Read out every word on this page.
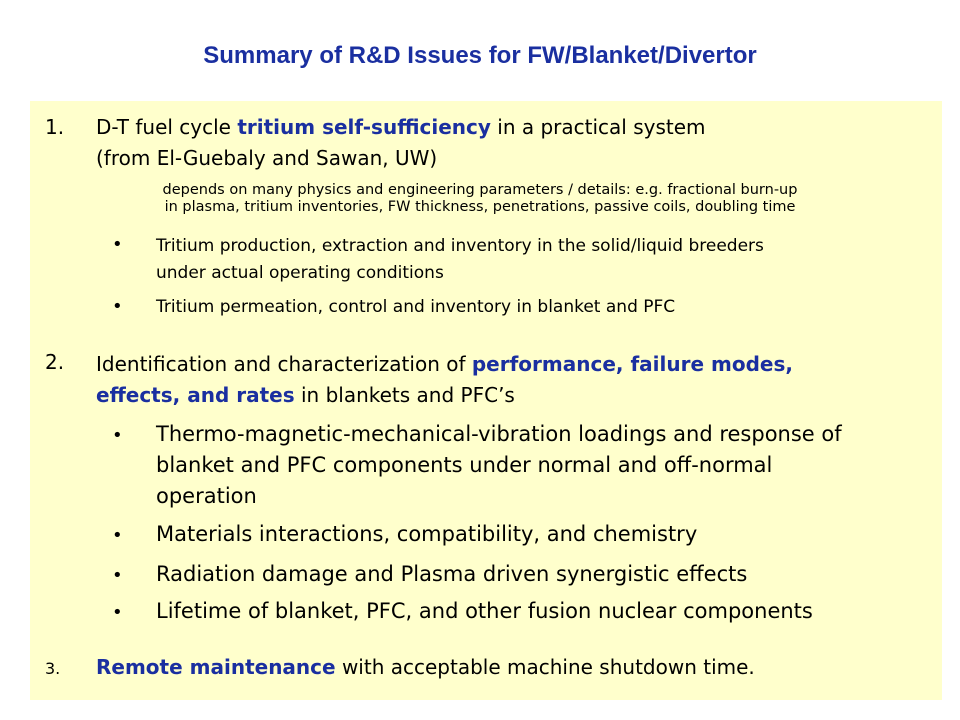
Summary of R&D Issues for FW/Blanket/Divertor
1. D-T fuel cycle tritium self-sufficiency in a practical system
(from El-Guebaly and Sawan, UW)
depends on many physics and engineering parameters / details: e.g. fractional burn-up
in plasma, tritium inventories, FW thickness, penetrations, passive coils, doubling time
• Tritium production, extraction and inventory in the solid/liquid breeders
under actual operating conditions
• Tritium permeation, control and inventory in blanket and PFC
2. Identification and characterization of performance, failure modes,
effects, and rates in blankets and PFC’s
• Thermo-magnetic-mechanical-vibration loadings and response of
blanket and PFC components under normal and off-normal
operation
• Materials interactions, compatibility, and chemistry
• Radiation damage and Plasma driven synergistic effects
• Lifetime of blanket, PFC, and other fusion nuclear components
3. Remote maintenance with acceptable machine shutdown time.
